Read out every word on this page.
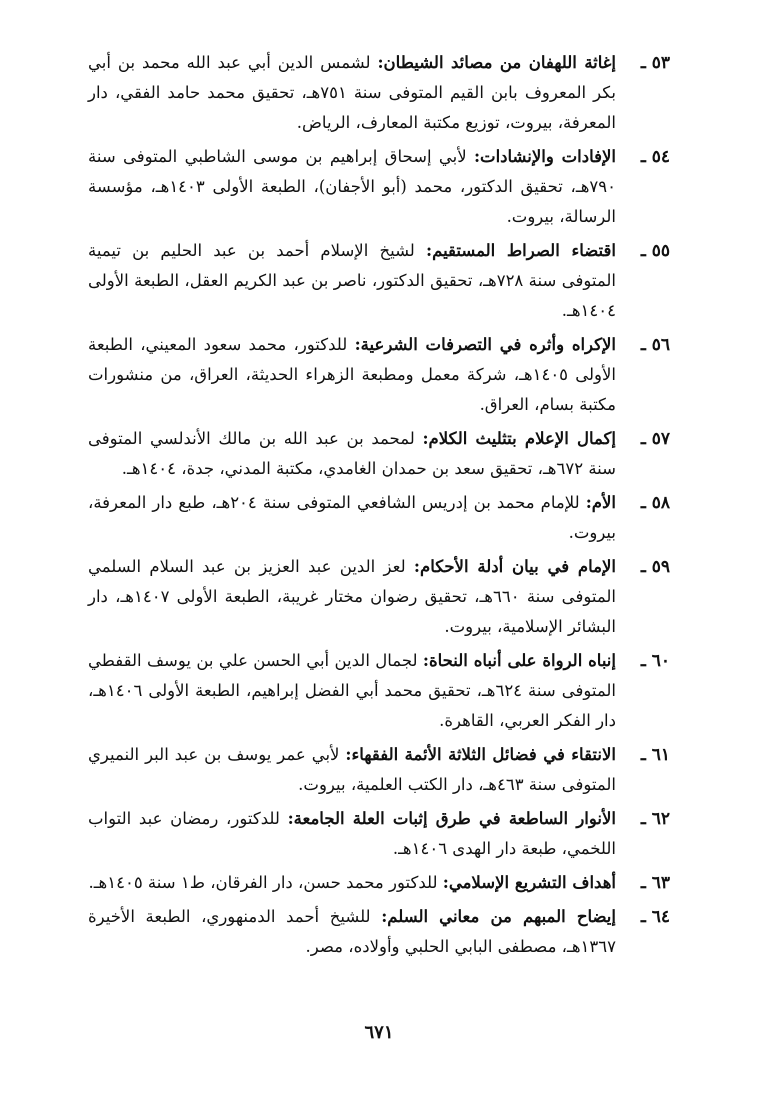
٥٣ ـ
إغاثة اللهفان من مصائد الشيطان: لشمس الدين أبي عبد الله محمد بن أبي بكر المعروف بابن القيم المتوفى سنة ٧٥١هـ، تحقيق محمد حامد الفقي، دار المعرفة، بيروت، توزيع مكتبة المعارف، الرياض.
٥٤ ـ
الإفادات والإنشادات: لأبي إسحاق إبراهيم بن موسى الشاطبي المتوفى سنة ٧٩٠هـ، تحقيق الدكتور، محمد (أبو الأجفان)، الطبعة الأولى ١٤٠٣هـ، مؤسسة الرسالة، بيروت.
٥٥ ـ
اقتضاء الصراط المستقيم: لشيخ الإسلام أحمد بن عبد الحليم بن تيمية المتوفى سنة ٧٢٨هـ، تحقيق الدكتور، ناصر بن عبد الكريم العقل، الطبعة الأولى ١٤٠٤هـ.
٥٦ ـ
الإكراه وأثره في التصرفات الشرعية: للدكتور، محمد سعود المعيني، الطبعة الأولى ١٤٠٥هـ، شركة معمل ومطبعة الزهراء الحديثة، العراق، من منشورات مكتبة بسام، العراق.
٥٧ ـ
إكمال الإعلام بتثليث الكلام: لمحمد بن عبد الله بن مالك الأندلسي المتوفى سنة ٦٧٢هـ، تحقيق سعد بن حمدان الغامدي، مكتبة المدني، جدة، ١٤٠٤هـ.
٥٨ ـ
الأم: للإمام محمد بن إدريس الشافعي المتوفى سنة ٢٠٤هـ، طبع دار المعرفة، بيروت.
٥٩ ـ
الإمام في بيان أدلة الأحكام: لعز الدين عبد العزيز بن عبد السلام السلمي المتوفى سنة ٦٦٠هـ، تحقيق رضوان مختار غريبة، الطبعة الأولى ١٤٠٧هـ، دار البشائر الإسلامية، بيروت.
٦٠ ـ
إنباه الرواة على أنباه النحاة: لجمال الدين أبي الحسن علي بن يوسف القفطي المتوفى سنة ٦٢٤هـ، تحقيق محمد أبي الفضل إبراهيم، الطبعة الأولى ١٤٠٦هـ، دار الفكر العربي، القاهرة.
٦١ ـ
الانتقاء في فضائل الثلاثة الأئمة الفقهاء: لأبي عمر يوسف بن عبد البر النميري المتوفى سنة ٤٦٣هـ، دار الكتب العلمية، بيروت.
٦٢ ـ
الأنوار الساطعة في طرق إثبات العلة الجامعة: للدكتور، رمضان عبد التواب اللخمي، طبعة دار الهدى ١٤٠٦هـ.
٦٣ ـ
أهداف التشريع الإسلامي: للدكتور محمد حسن، دار الفرقان، ط١ سنة ١٤٠٥هـ.
٦٤ ـ
إيضاح المبهم من معاني السلم: للشيخ أحمد الدمنهوري، الطبعة الأخيرة ١٣٦٧هـ، مصطفى البابي الحلبي وأولاده، مصر.
٦٧١
